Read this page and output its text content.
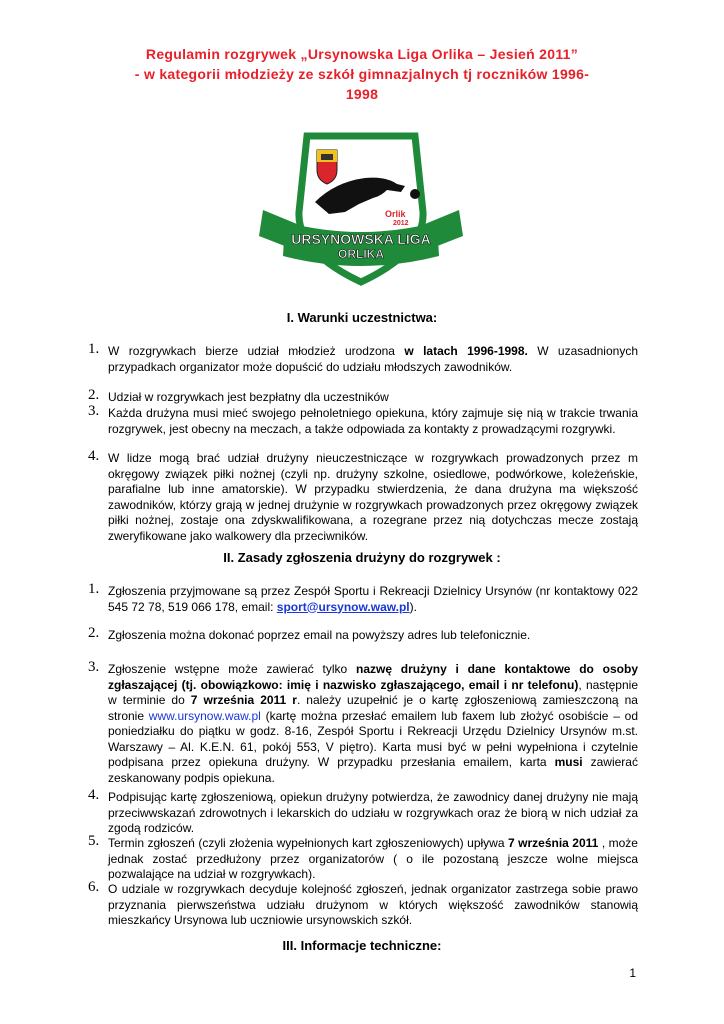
Regulamin rozgrywek „Ursynowska Liga Orlika – Jesień 2011”
- w kategorii młodzieży ze szkół gimnazjalnych tj roczników 1996-
1998
Orlik
2012
URSYNOWSKA LIGA
ORLIKA
I. Warunki uczestnictwa:
1. W rozgrywkach bierze udział młodzież urodzona w latach 1996-1998. W uzasadnionych przypadkach organizator może dopuścić do udziału młodszych zawodników.
2. Udział w rozgrywkach jest bezpłatny dla uczestników
3. Każda drużyna musi mieć swojego pełnoletniego opiekuna, który zajmuje się nią w trakcie trwania rozgrywek, jest obecny na meczach, a także odpowiada za kontakty z prowadzącymi rozgrywki.
4. W lidze mogą brać udział drużyny nieuczestniczące w rozgrywkach prowadzonych przez m okręgowy związek piłki nożnej (czyli np. drużyny szkolne, osiedlowe, podwórkowe, koleżeńskie, parafialne lub inne amatorskie). W przypadku stwierdzenia, że dana drużyna ma większość zawodników, którzy grają w jednej drużynie w rozgrywkach prowadzonych przez okręgowy związek piłki nożnej, zostaje ona zdyskwalifikowana, a rozegrane przez nią dotychczas mecze zostają zweryfikowane jako walkowery dla przeciwników.
II. Zasady zgłoszenia drużyny do rozgrywek :
1. Zgłoszenia przyjmowane są przez Zespół Sportu i Rekreacji Dzielnicy Ursynów (nr kontaktowy 022 545 72 78, 519 066 178, email: sport@ursynow.waw.pl).
2. Zgłoszenia można dokonać poprzez email na powyższy adres lub telefonicznie.
3. Zgłoszenie wstępne może zawierać tylko nazwę drużyny i dane kontaktowe do osoby zgłaszającej (tj. obowiązkowo: imię i nazwisko zgłaszającego, email i nr telefonu), następnie w terminie do 7 września 2011 r. należy uzupełnić je o kartę zgłoszeniową zamieszczoną na stronie www.ursynow.waw.pl (kartę można przesłać emailem lub faxem lub złożyć osobiście – od poniedziałku do piątku w godz. 8-16, Zespół Sportu i Rekreacji Urzędu Dzielnicy Ursynów m.st. Warszawy – Al. K.E.N. 61, pokój 553, V piętro). Karta musi być w pełni wypełniona i czytelnie podpisana przez opiekuna drużyny. W przypadku przesłania emailem, karta musi zawierać zeskanowany podpis opiekuna.
4. Podpisując kartę zgłoszeniową, opiekun drużyny potwierdza, że zawodnicy danej drużyny nie mają przeciwwskazań zdrowotnych i lekarskich do udziału w rozgrywkach oraz że biorą w nich udział za zgodą rodziców.
5. Termin zgłoszeń (czyli złożenia wypełnionych kart zgłoszeniowych) upływa 7 września 2011 , może jednak zostać przedłużony przez organizatorów ( o ile pozostaną jeszcze wolne miejsca pozwalające na udział w rozgrywkach).
6. O udziale w rozgrywkach decyduje kolejność zgłoszeń, jednak organizator zastrzega sobie prawo przyznania pierwszeństwa udziału drużynom w których większość zawodników stanowią mieszkańcy Ursynowa lub uczniowie ursynowskich szkół.
III. Informacje techniczne:
1
